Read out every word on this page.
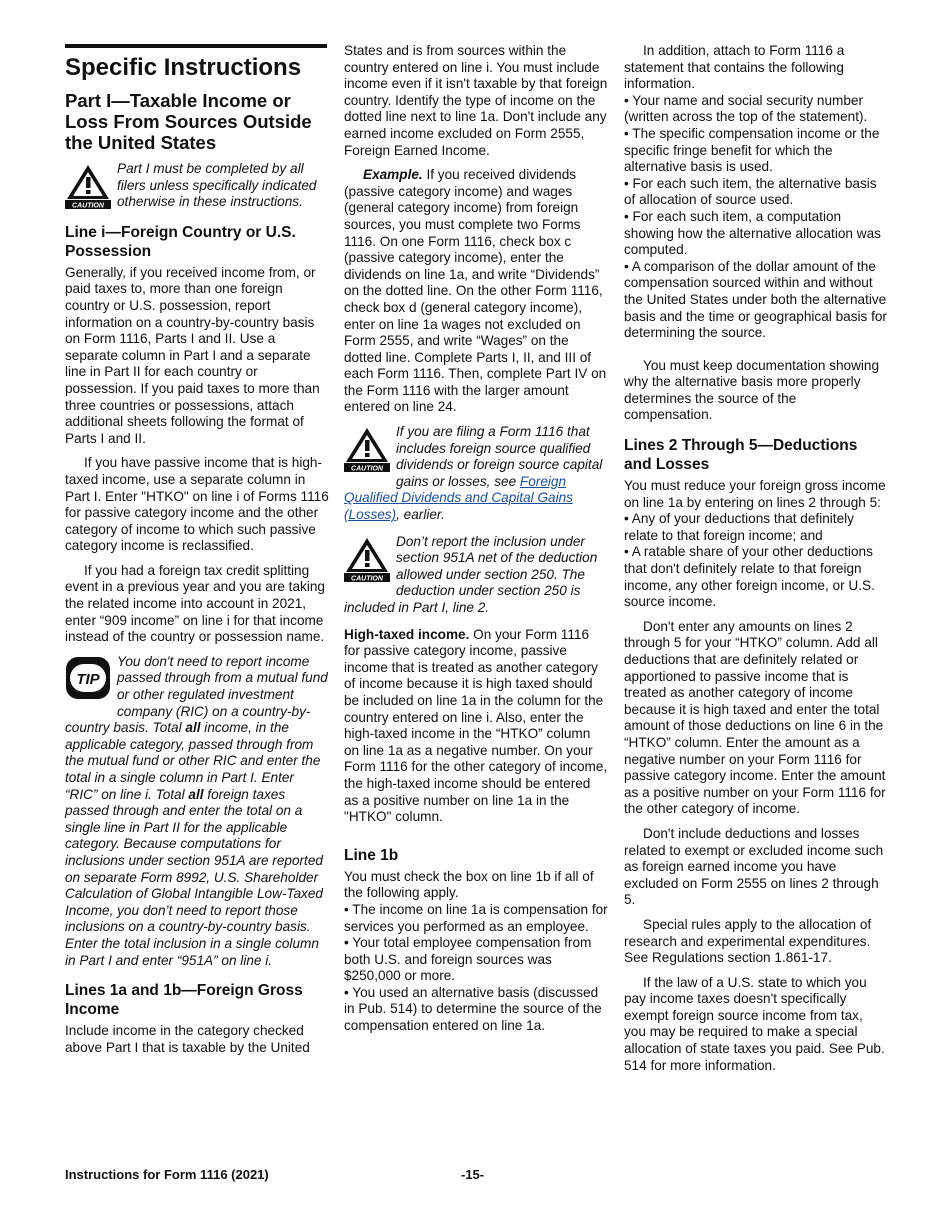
Specific Instructions
Part I—Taxable Income or Loss From Sources Outside the United States
CAUTION
Part I must be completed by all filers unless specifically indicated otherwise in these instructions.
Line i—Foreign Country or U.S. Possession

Generally, if you received income from, or paid taxes to, more than one foreign country or U.S. possession, report information on a country-by-country basis on Form 1116, Parts I and II. Use a separate column in Part I and a separate line in Part II for each country or possession. If you paid taxes to more than three countries or possessions, attach additional sheets following the format of Parts I and II.

If you have passive income that is high-taxed income, use a separate column in Part I. Enter "HTKO" on line i of Forms 1116 for passive category income and the other category of income to which such passive category income is reclassified.

If you had a foreign tax credit splitting event in a previous year and you are taking the related income into account in 2021, enter “909 income” on line i for that income instead of the country or possession name.

TIP
You don't need to report income passed through from a mutual fund or other regulated investment company (RIC) on a country-by-country basis. Total all income, in the applicable category, passed through from the mutual fund or other RIC and enter the total in a single column in Part I. Enter “RIC” on line i. Total all foreign taxes passed through and enter the total on a single line in Part II for the applicable category. Because computations for inclusions under section 951A are reported on separate Form 8992, U.S. Shareholder Calculation of Global Intangible Low-Taxed Income, you don’t need to report those inclusions on a country-by-country basis. Enter the total inclusion in a single column in Part I and enter “951A” on line i.
Lines 1a and 1b—Foreign Gross Income

Include income in the category checked above Part I that is taxable by the United

States and is from sources within the country entered on line i. You must include income even if it isn't taxable by that foreign country. Identify the type of income on the dotted line next to line 1a. Don't include any earned income excluded on Form 2555, Foreign Earned Income.

Example. If you received dividends (passive category income) and wages (general category income) from foreign sources, you must complete two Forms 1116. On one Form 1116, check box c (passive category income), enter the dividends on line 1a, and write “Dividends” on the dotted line. On the other Form 1116, check box d (general category income), enter on line 1a wages not excluded on Form 2555, and write “Wages” on the dotted line. Complete Parts I, II, and III of each Form 1116. Then, complete Part IV on the Form 1116 with the larger amount entered on line 24.

CAUTION
If you are filing a Form 1116 that includes foreign source qualified dividends or foreign source capital gains or losses, see Foreign Qualified Dividends and Capital Gains (Losses), earlier.
CAUTION
Don’t report the inclusion under section 951A net of the deduction allowed under section 250. The deduction under section 250 is included in Part I, line 2.

High-taxed income. On your Form 1116 for passive category income, passive income that is treated as another category of income because it is high taxed should be included on line 1a in the column for the country entered on line i. Also, enter the high-taxed income in the “HTKO” column on line 1a as a negative number. On your Form 1116 for the other category of income, the high-taxed income should be entered as a positive number on line 1a in the "HTKO" column.

Line 1b

You must check the box on line 1b if all of the following apply.

• The income on line 1a is compensation for services you performed as an employee.

• Your total employee compensation from both U.S. and foreign sources was $250,000 or more.

• You used an alternative basis (discussed in Pub. 514) to determine the source of the compensation entered on line 1a.

In addition, attach to Form 1116 a statement that contains the following information.

• Your name and social security number (written across the top of the statement).

• The specific compensation income or the specific fringe benefit for which the alternative basis is used.

• For each such item, the alternative basis of allocation of source used.

• For each such item, a computation showing how the alternative allocation was computed.

• A comparison of the dollar amount of the compensation sourced within and without the United States under both the alternative basis and the time or geographical basis for determining the source.

You must keep documentation showing why the alternative basis more properly determines the source of the compensation.

Lines 2 Through 5—Deductions and Losses

You must reduce your foreign gross income on line 1a by entering on lines 2 through 5:

• Any of your deductions that definitely relate to that foreign income; and

• A ratable share of your other deductions that don't definitely relate to that foreign income, any other foreign income, or U.S. source income.

Don't enter any amounts on lines 2 through 5 for your “HTKO” column. Add all deductions that are definitely related or apportioned to passive income that is treated as another category of income because it is high taxed and enter the total amount of those deductions on line 6 in the “HTKO” column. Enter the amount as a negative number on your Form 1116 for passive category income. Enter the amount as a positive number on your Form 1116 for the other category of income.

Don't include deductions and losses related to exempt or excluded income such as foreign earned income you have excluded on Form 2555 on lines 2 through 5.

Special rules apply to the allocation of research and experimental expenditures. See Regulations section 1.861-17.

If the law of a U.S. state to which you pay income taxes doesn't specifically exempt foreign source income from tax, you may be required to make a special allocation of state taxes you paid. See Pub. 514 for more information.

Instructions for Form 1116 (2021)	-15-
